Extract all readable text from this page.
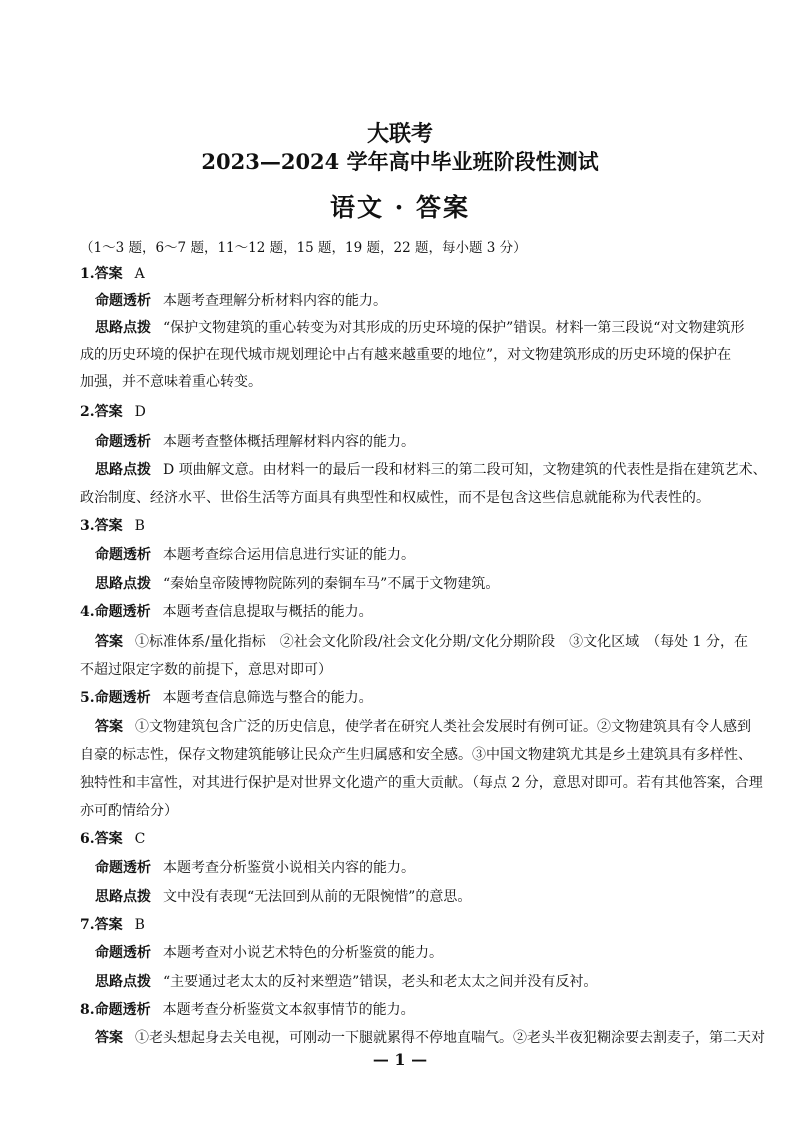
大联考
2023—2024 学年高中毕业班阶段性测试
语文 · 答案
（1～3 题，6～7 题，11～12 题，15 题，19 题，22 题，每小题 3 分）
1.答案 A
命题透析 本题考查理解分析材料内容的能力。
思路点拨 “保护文物建筑的重心转变为对其形成的历史环境的保护”错误。材料一第三段说“对文物建筑形
成的历史环境的保护在现代城市规划理论中占有越来越重要的地位”，对文物建筑形成的历史环境的保护在
加强，并不意味着重心转变。
2.答案 D
命题透析 本题考查整体概括理解材料内容的能力。
思路点拨 D 项曲解文意。由材料一的最后一段和材料三的第二段可知，文物建筑的代表性是指在建筑艺术、
政治制度、经济水平、世俗生活等方面具有典型性和权威性，而不是包含这些信息就能称为代表性的。
3.答案 B
命题透析 本题考查综合运用信息进行实证的能力。
思路点拨 “秦始皇帝陵博物院陈列的秦铜车马”不属于文物建筑。
4.命题透析 本题考查信息提取与概括的能力。
答案 ①标准体系/量化指标　②社会文化阶段/社会文化分期/文化分期阶段　③文化区域　（每处 1 分，在
不超过限定字数的前提下，意思对即可）
5.命题透析 本题考查信息筛选与整合的能力。
答案 ①文物建筑包含广泛的历史信息，使学者在研究人类社会发展时有例可证。②文物建筑具有令人感到
自豪的标志性，保存文物建筑能够让民众产生归属感和安全感。③中国文物建筑尤其是乡土建筑具有多样性、
独特性和丰富性，对其进行保护是对世界文化遗产的重大贡献。（每点 2 分，意思对即可。若有其他答案，合理
亦可酌情给分）
6.答案 C
命题透析 本题考查分析鉴赏小说相关内容的能力。
思路点拨 文中没有表现“无法回到从前的无限惋惜”的意思。
7.答案 B
命题透析 本题考查对小说艺术特色的分析鉴赏的能力。
思路点拨 “主要通过老太太的反衬来塑造”错误，老头和老太太之间并没有反衬。
8.命题透析 本题考查分析鉴赏文本叙事情节的能力。
答案 ①老头想起身去关电视，可刚动一下腿就累得不停地直喘气。②老头半夜犯糊涂要去割麦子，第二天对
— 1 —
